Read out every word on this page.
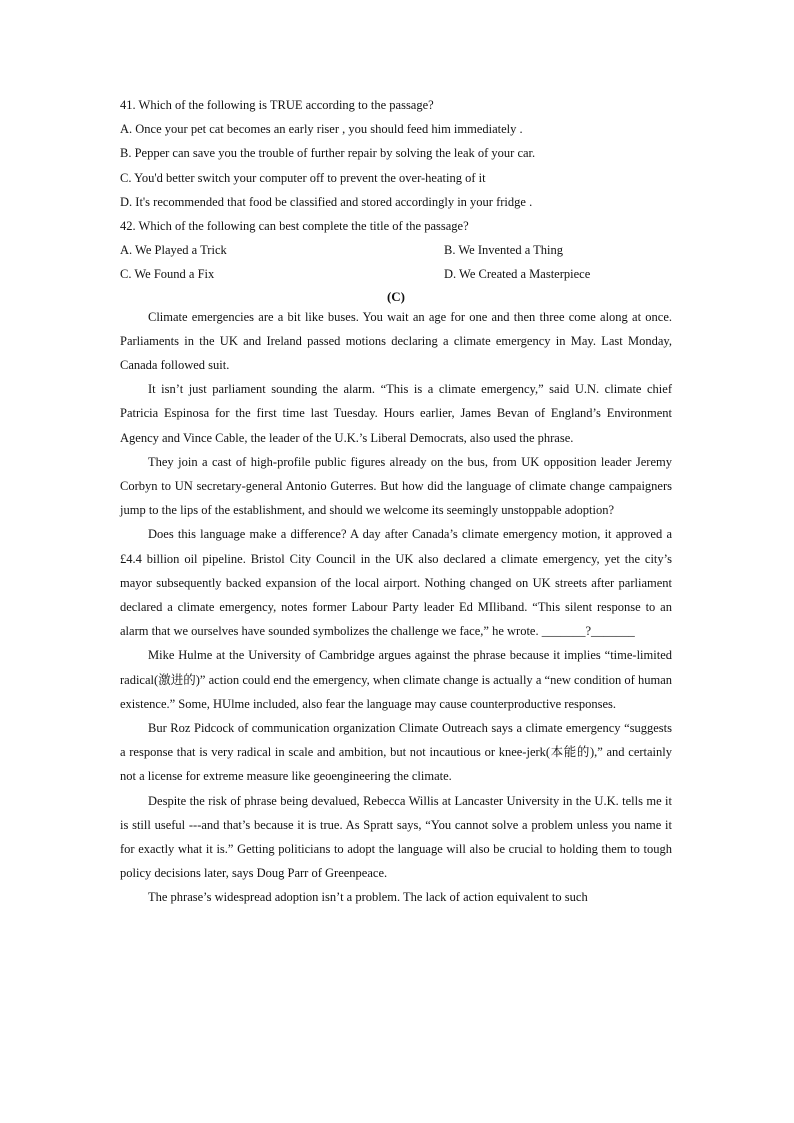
41. Which of the following is TRUE according to the passage?
A. Once your pet cat becomes an early riser , you should feed him immediately .
B. Pepper can save you the trouble of further repair by solving the leak of your car.
C. You'd better switch your computer off to prevent the over-heating of it
D. It's recommended that food be classified and stored accordingly in your fridge .
42. Which of the following can best complete the title of the passage?
A. We Played a Trick	B. We Invented a Thing
C. We Found a Fix	D. We Created a Masterpiece
(C)

Climate emergencies are a bit like buses. You wait an age for one and then three come along at once. Parliaments in the UK and Ireland passed motions declaring a climate emergency in May. Last Monday, Canada followed suit.

It isn’t just parliament sounding the alarm. “This is a climate emergency,” said U.N. climate chief Patricia Espinosa for the first time last Tuesday. Hours earlier, James Bevan of England’s Environment Agency and Vince Cable, the leader of the U.K.’s Liberal Democrats, also used the phrase.

They join a cast of high-profile public figures already on the bus, from UK opposition leader Jeremy Corbyn to UN secretary-general Antonio Guterres. But how did the language of climate change campaigners jump to the lips of the establishment, and should we welcome its seemingly unstoppable adoption?

Does this language make a difference? A day after Canada’s climate emergency motion, it approved a £4.4 billion oil pipeline. Bristol City Council in the UK also declared a climate emergency, yet the city’s mayor subsequently backed expansion of the local airport. Nothing changed on UK streets after parliament declared a climate emergency, notes former Labour Party leader Ed MIliband. “This silent response to an alarm that we ourselves have sounded symbolizes the challenge we face,” he wrote. _______?_______

Mike Hulme at the University of Cambridge argues against the phrase because it implies “time-limited radical(激进的)” action could end the emergency, when climate change is actually a “new condition of human existence.” Some, HUlme included, also fear the language may cause counterproductive responses.

Bur Roz Pidcock of communication organization Climate Outreach says a climate emergency “suggests a response that is very radical in scale and ambition, but not incautious or knee-jerk(本能的),” and certainly not a license for extreme measure like geoengineering the climate.

Despite the risk of phrase being devalued, Rebecca Willis at Lancaster University in the U.K. tells me it is still useful ---and that’s because it is true. As Spratt says, “You cannot solve a problem unless you name it for exactly what it is.” Getting politicians to adopt the language will also be crucial to holding them to tough policy decisions later, says Doug Parr of Greenpeace.

The phrase’s widespread adoption isn’t a problem. The lack of action equivalent to such
